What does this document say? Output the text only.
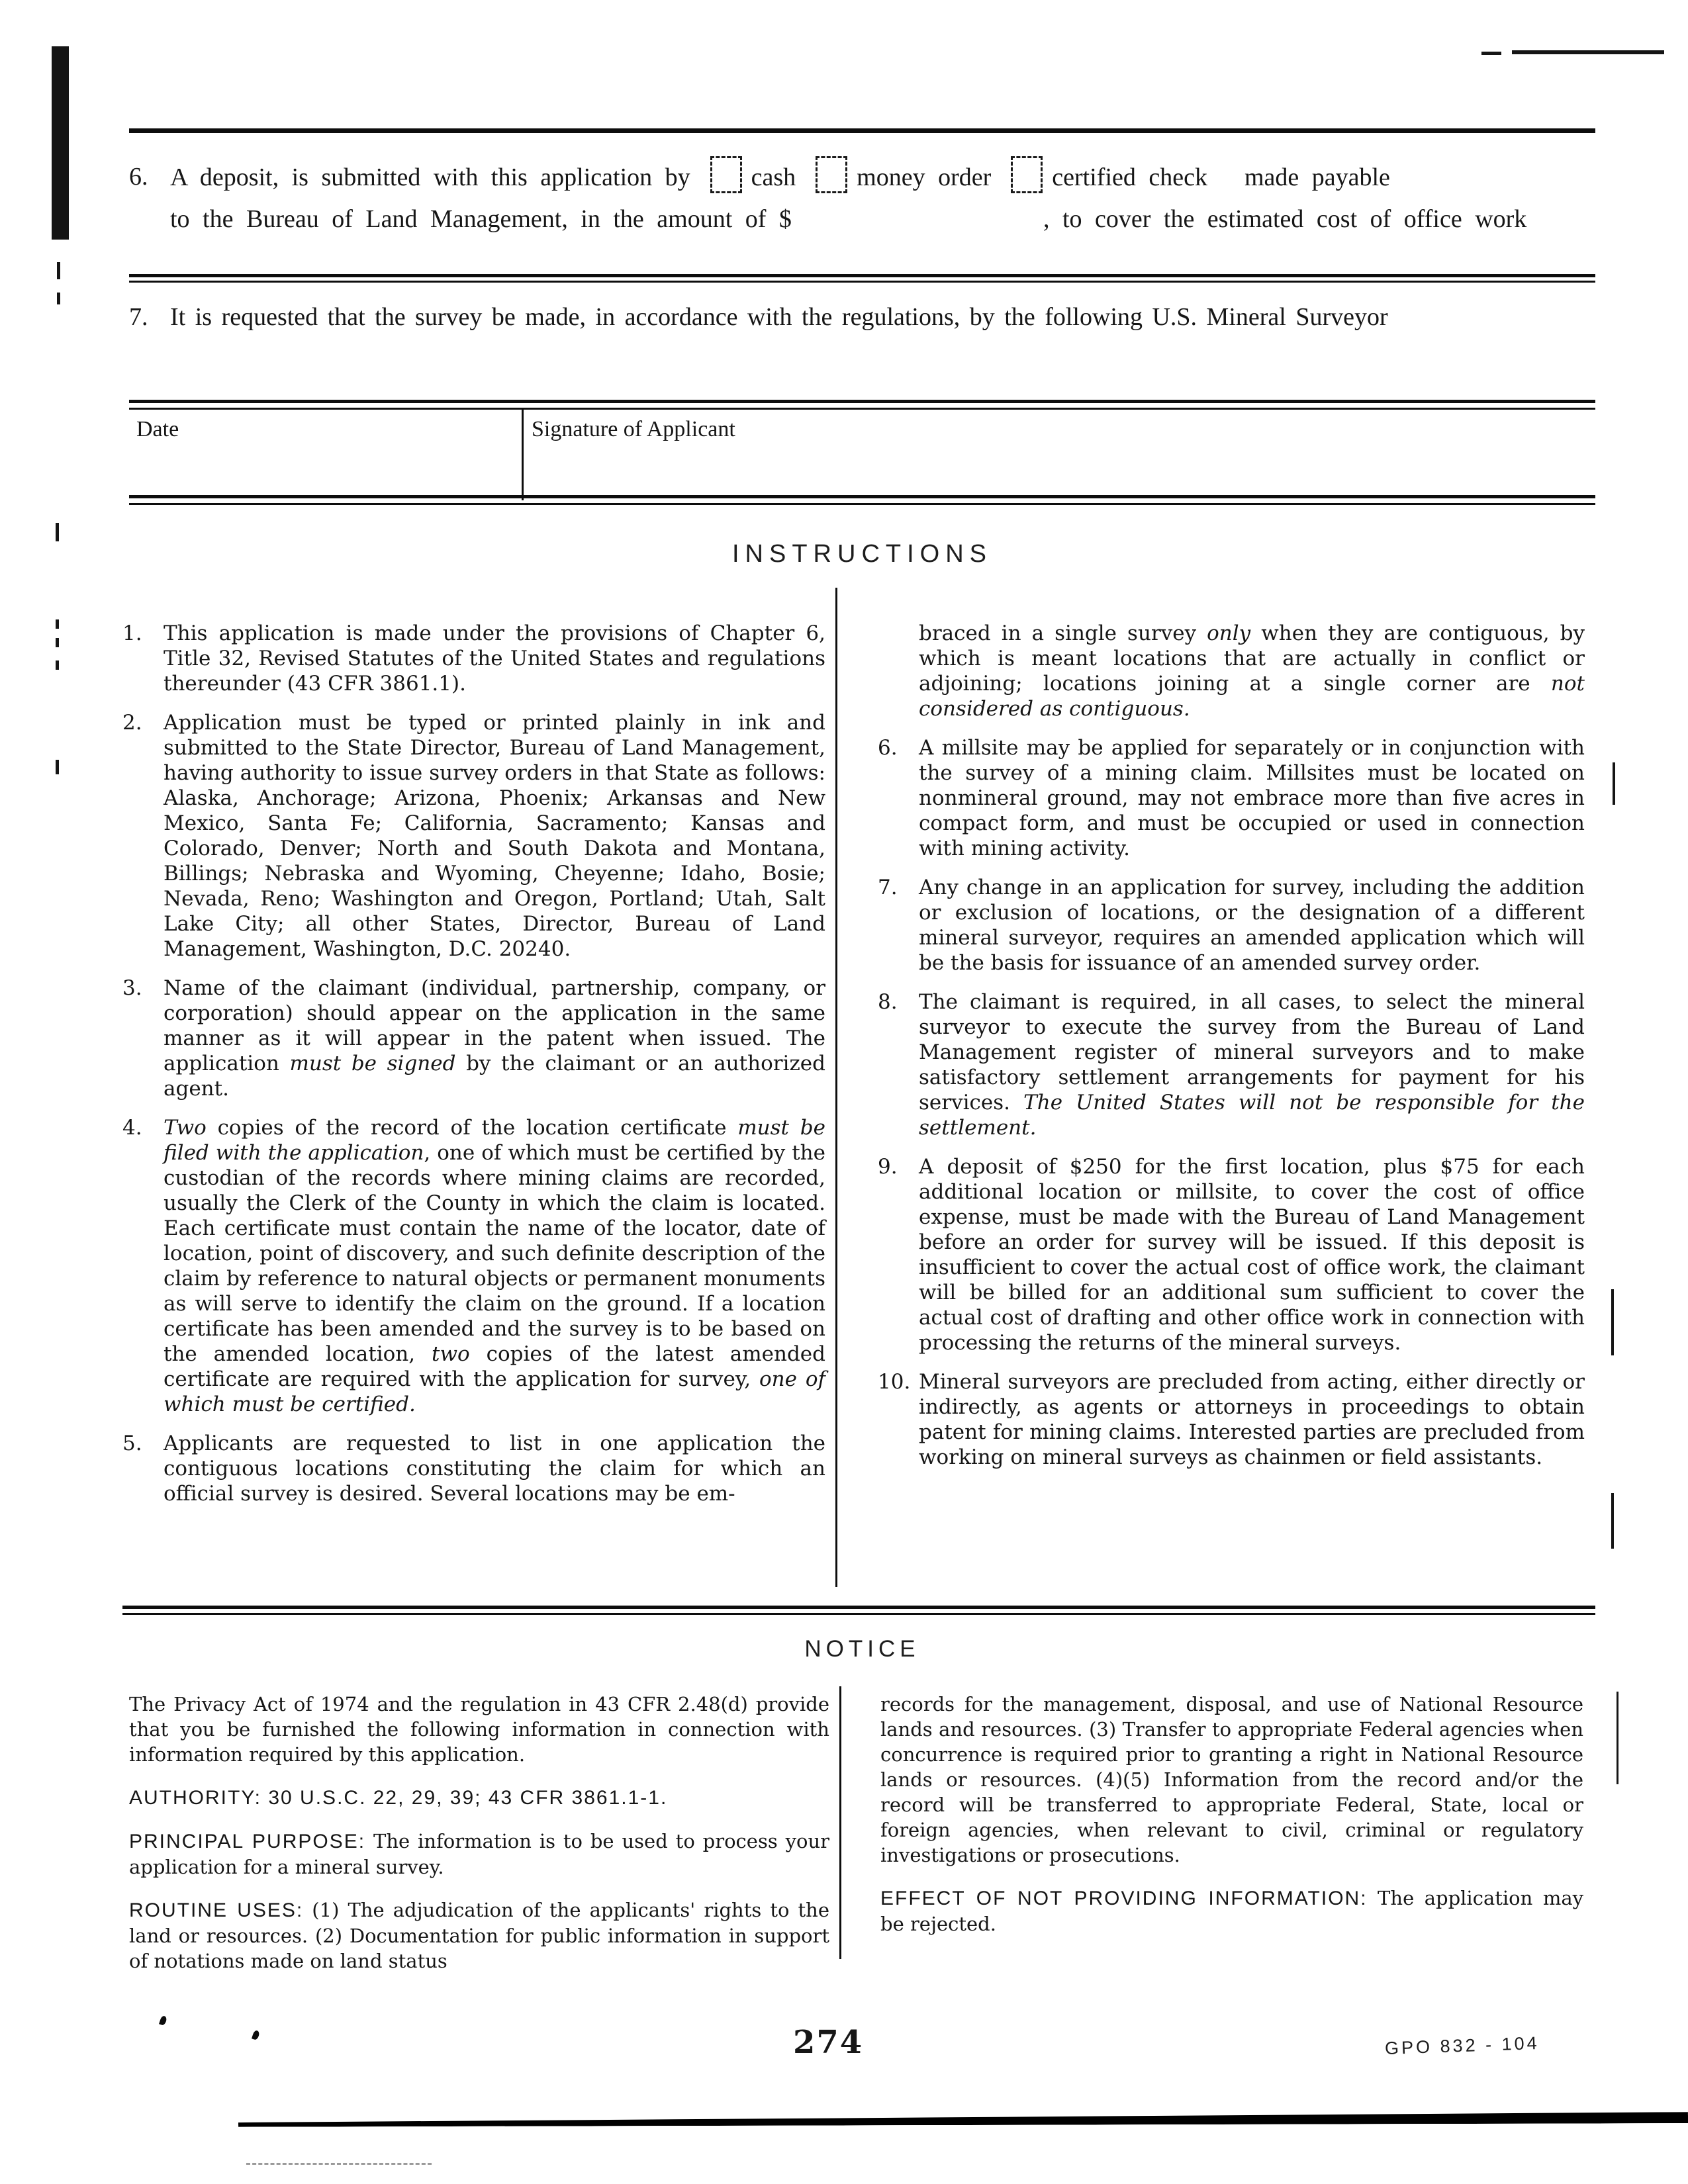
6. A deposit, is submitted with this application by cash money order certified check made payable
to the Bureau of Land Management, in the amount of $	, to cover the estimated cost of office work
7. It is requested that the survey be made, in accordance with the regulations, by the following U.S. Mineral Surveyor
Date	Signature of Applicant
INSTRUCTIONS
1.	This application is made under the provisions of Chapter 6, Title 32, Revised Statutes of the United States and regulations thereunder (43 CFR 3861.1).
2.	Application must be typed or printed plainly in ink and submitted to the State Director, Bureau of Land Management, having authority to issue survey orders in that State as follows: Alaska, Anchorage; Arizona, Phoenix; Arkansas and New Mexico, Santa Fe; California, Sacramento; Kansas and Colorado, Denver; North and South Dakota and Montana, Billings; Nebraska and Wyoming, Cheyenne; Idaho, Bosie; Nevada, Reno; Washington and Oregon, Portland; Utah, Salt Lake City; all other States, Director, Bureau of Land Management, Washington, D.C. 20240.
3.	Name of the claimant (individual, partnership, company, or corporation) should appear on the application in the same manner as it will appear in the patent when issued. The application must be signed by the claimant or an authorized agent.
4.	Two copies of the record of the location certificate must be filed with the application, one of which must be certified by the custodian of the records where mining claims are recorded, usually the Clerk of the County in which the claim is located. Each certificate must contain the name of the locator, date of location, point of discovery, and such definite description of the claim by reference to natural objects or permanent monuments as will serve to identify the claim on the ground. If a location certificate has been amended and the survey is to be based on the amended location, two copies of the latest amended certificate are required with the application for survey, one of which must be certified.
5.	Applicants are requested to list in one application the contiguous locations constituting the claim for which an official survey is desired. Several locations may be em-
braced in a single survey only when they are contiguous, by which is meant locations that are actually in conflict or adjoining; locations joining at a single corner are not considered as contiguous.
6.	A millsite may be applied for separately or in conjunction with the survey of a mining claim. Millsites must be located on nonmineral ground, may not embrace more than five acres in compact form, and must be occupied or used in connection with mining activity.
7.	Any change in an application for survey, including the addition or exclusion of locations, or the designation of a different mineral surveyor, requires an amended application which will be the basis for issuance of an amended survey order.
8.	The claimant is required, in all cases, to select the mineral surveyor to execute the survey from the Bureau of Land Management register of mineral surveyors and to make satisfactory settlement arrangements for payment for his services. The United States will not be responsible for the settlement.
9.	A deposit of $250 for the first location, plus $75 for each additional location or millsite, to cover the cost of office expense, must be made with the Bureau of Land Management before an order for survey will be issued. If this deposit is insufficient to cover the actual cost of office work, the claimant will be billed for an additional sum sufficient to cover the actual cost of drafting and other office work in connection with processing the returns of the mineral surveys.
10. Mineral surveyors are precluded from acting, either directly or indirectly, as agents or attorneys in proceedings to obtain patent for mining claims. Interested parties are precluded from working on mineral surveys as chainmen or field assistants.
NOTICE
The Privacy Act of 1974 and the regulation in 43 CFR 2.48(d) provide that you be furnished the following information in connection with information required by this application.
AUTHORITY: 30 U.S.C. 22, 29, 39; 43 CFR 3861.1-1.
PRINCIPAL PURPOSE: The information is to be used to process your application for a mineral survey.
ROUTINE USES: (1) The adjudication of the applicants' rights to the land or resources. (2) Documentation for public information in support of notations made on land status
records for the management, disposal, and use of National Resource lands and resources. (3) Transfer to appropriate Federal agencies when concurrence is required prior to granting a right in National Resource lands or resources. (4)(5) Information from the record and/or the record will be transferred to appropriate Federal, State, local or foreign agencies, when relevant to civil, criminal or regulatory investigations or prosecutions.
EFFECT OF NOT PROVIDING INFORMATION: The application may be rejected.
274	GPO 832 - 104
